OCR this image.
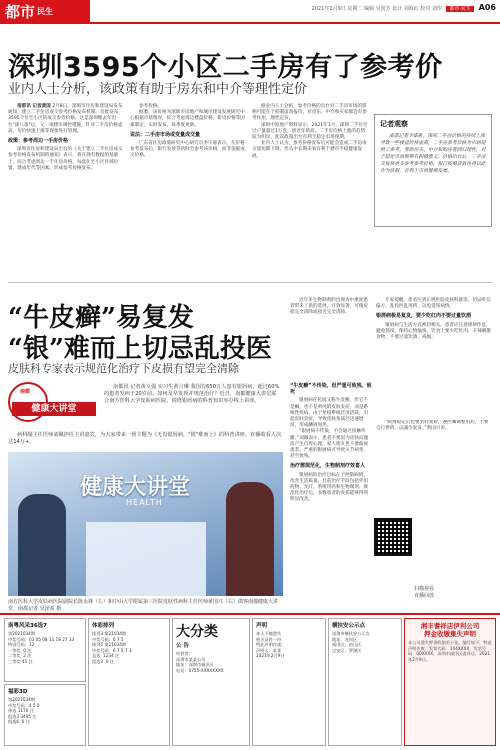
都市 民生	2021年2月9日 星期二 编辑 吴国芳 设计 刘海红 校对 刘伟 都市·民生 A06
深圳3595个小区二手房有了参考价
业内人士分析，该政策有助于房东和中介等理性定价

南都讯 记者黄国 2月8日，深圳市住房和建设局发布通知，建立二手住房成交参考价格发布机制，首批发布3595个住宅小区的成交参考价格。这是深圳继去年出台"深八条"后，又一项楼市调控措施，针对二手房价格虚高，房价快速上涨等现象进行管理。

政策：参考周边一手房价格

深圳市住房和建设局出台的《关于建立二手住房成交参考价格发布机制的通知》表示，将在现有数据的基础上，综合考虑周边一手住房价格，每套住宅小区区域位置、建成年代等因素，形成参考价格发布。

参考价格。

据悉，该价格为深圳市房地产和城市建设发展研究中心根据市场情况，综合考虑周边楼盘价格、新房价格等因素制定，实时发布，每季度更新。

说法：二手房市场或变量成交量

广东省住房政策研究中心研究员李宇嘉表示，在价格参考发布后，银行发放贷款时会参考该价格，而非依据成交价格。

据业内人士分析，参考价格的出台对二手房市场的影响可能在于抑制虚高报价，对房东、中介和买家都会有参考作用，理性定价。

深圳中原地产资料显示，2021年1月，深圳二手住宅过户量超过1万套，创近年新高。二手房价格上涨的趋势较为明显，此次政策出台有利于稳定市场预期。

业内人士认为，参考价格发布后可能会造成二手房成交量短期下降，但从中长期来看有利于楼市平稳健康发展。

记者观察
南都记者李嘉新，深圳二手房价格的持续上涨导致一些楼盘价格虚高，二手房参考价格为市场提供了参考，帮助房东、中介和购房者回归理性，对于稳定市场预期有积极意义。价格出台后，二手房交易将更多参考参考价格，银行按揭贷款也将以此作为依据，有利于市场健康发展。
“牛皮癣”易复发
“银”难而上切忌乱投医
皮肤科专家表示规范化治疗下皮损有望完全清除
南都
健康大讲堂

南都讯 记者黄文强 实习生黄言琳 我国有650万人患有银屑病，超过60%的患者发病于20岁前。如何及早发现并规范治疗？近日，南都健康大讲堂联合南方医科大学皮肤病医院，围绕银屑病的科普知识举办线上讲座。

病科副主任医师刘佩担任主讲嘉宾，为大家带来一场主题为《无畏银屑病，"银"难而上》的科普讲座。直播收看人次达14万+。

健康大讲堂
HEALTH
南方医科大学皮肤病医院副院长陈永锋（左）和中山大学附属第三医院皮肤性病科主任医师黄国兴（右）做客南都健康大讲堂。南都记者 吴泽希 摄

近年来生物制剂的出现为中重度患者带来了新的选择，疗效显著，可使皮损完全清除或接近完全清除。

专家提醒，患者应到正规医院皮肤科就诊，切忌听信偏方，乱投医乱用药，以免延误病情。

银屑病极易复发，要少吃红肉不要过量饮酒

银屑病与生活方式密切相关，患者应注意规律作息，避免熬夜，保持心情愉快，饮食上要少吃红肉、辛辣刺激食物，不要过量饮酒，戒烟。

“牛皮癣”不传染，但严重可致残、致死

银屑病在民间又称牛皮癣，但它不是癣，也不是单纯的皮肤炎症，而是系统性疾病，由于免疫系统过度活跃，引起皮肤炎症，导致皮肤角质层迅速增厚，形成鳞屑斑块。

“银屑病不传染，不会通过接触传播。”刘佩表示，患者不要因为皮肤问题而产生自卑心理，家人朋友也不要歧视患者。严重的银屑病可导致关节病变，甚至致残。

治疗需规范化，生物制剂疗效喜人

银屑病的治疗目标在于控制病情，改善生活质量。目前治疗手段包括外用药物、光疗、系统用药和生物制剂。规范化治疗后，多数患者的皮损能够得到明显改善。

“病情稳定后也要坚持复诊，遵医嘱调整用药，不要自行停药，以减少复发。”黄国兴说。

扫描视看
直播回放
南粤风采36选7
第2021034期
中奖号码：03 05 08 11 19 27 33
特别号码：12
一等奖  0 注
二等奖  2 注
三等奖 45 注
福彩3D
第2021034期
中奖号码：4 5 0
单选 1170 注
组选3 3495 注
组选6  0 注
体彩排列
排列3 第21034期
中奖号码：6 7 5
排列5 第21034期
中奖号码：6 7 5 7 3
直选  1234 注
组选3  0 注
大分类
公 告
经营者：
深圳市某某公司
地址：深圳市福田区
电话：0755-XXXXXXXX
声明
本人不慎遗失
相关证件一份
特此声明作废。
声明人：某某
2021年2月9日
横扶安公示点
深圳市横扶安公示点
地址：龙岗区
福田区、南山区
宝安区、罗湖区
湘丰耆祥店伊利公司
押金收缴集失声明
本公司遗失押金收据若干张，编号如下，特此声明作废。发票代码：144XXXX，发票号码：00XXXX，深圳市福田区耆祥店，2021年2月9日。
